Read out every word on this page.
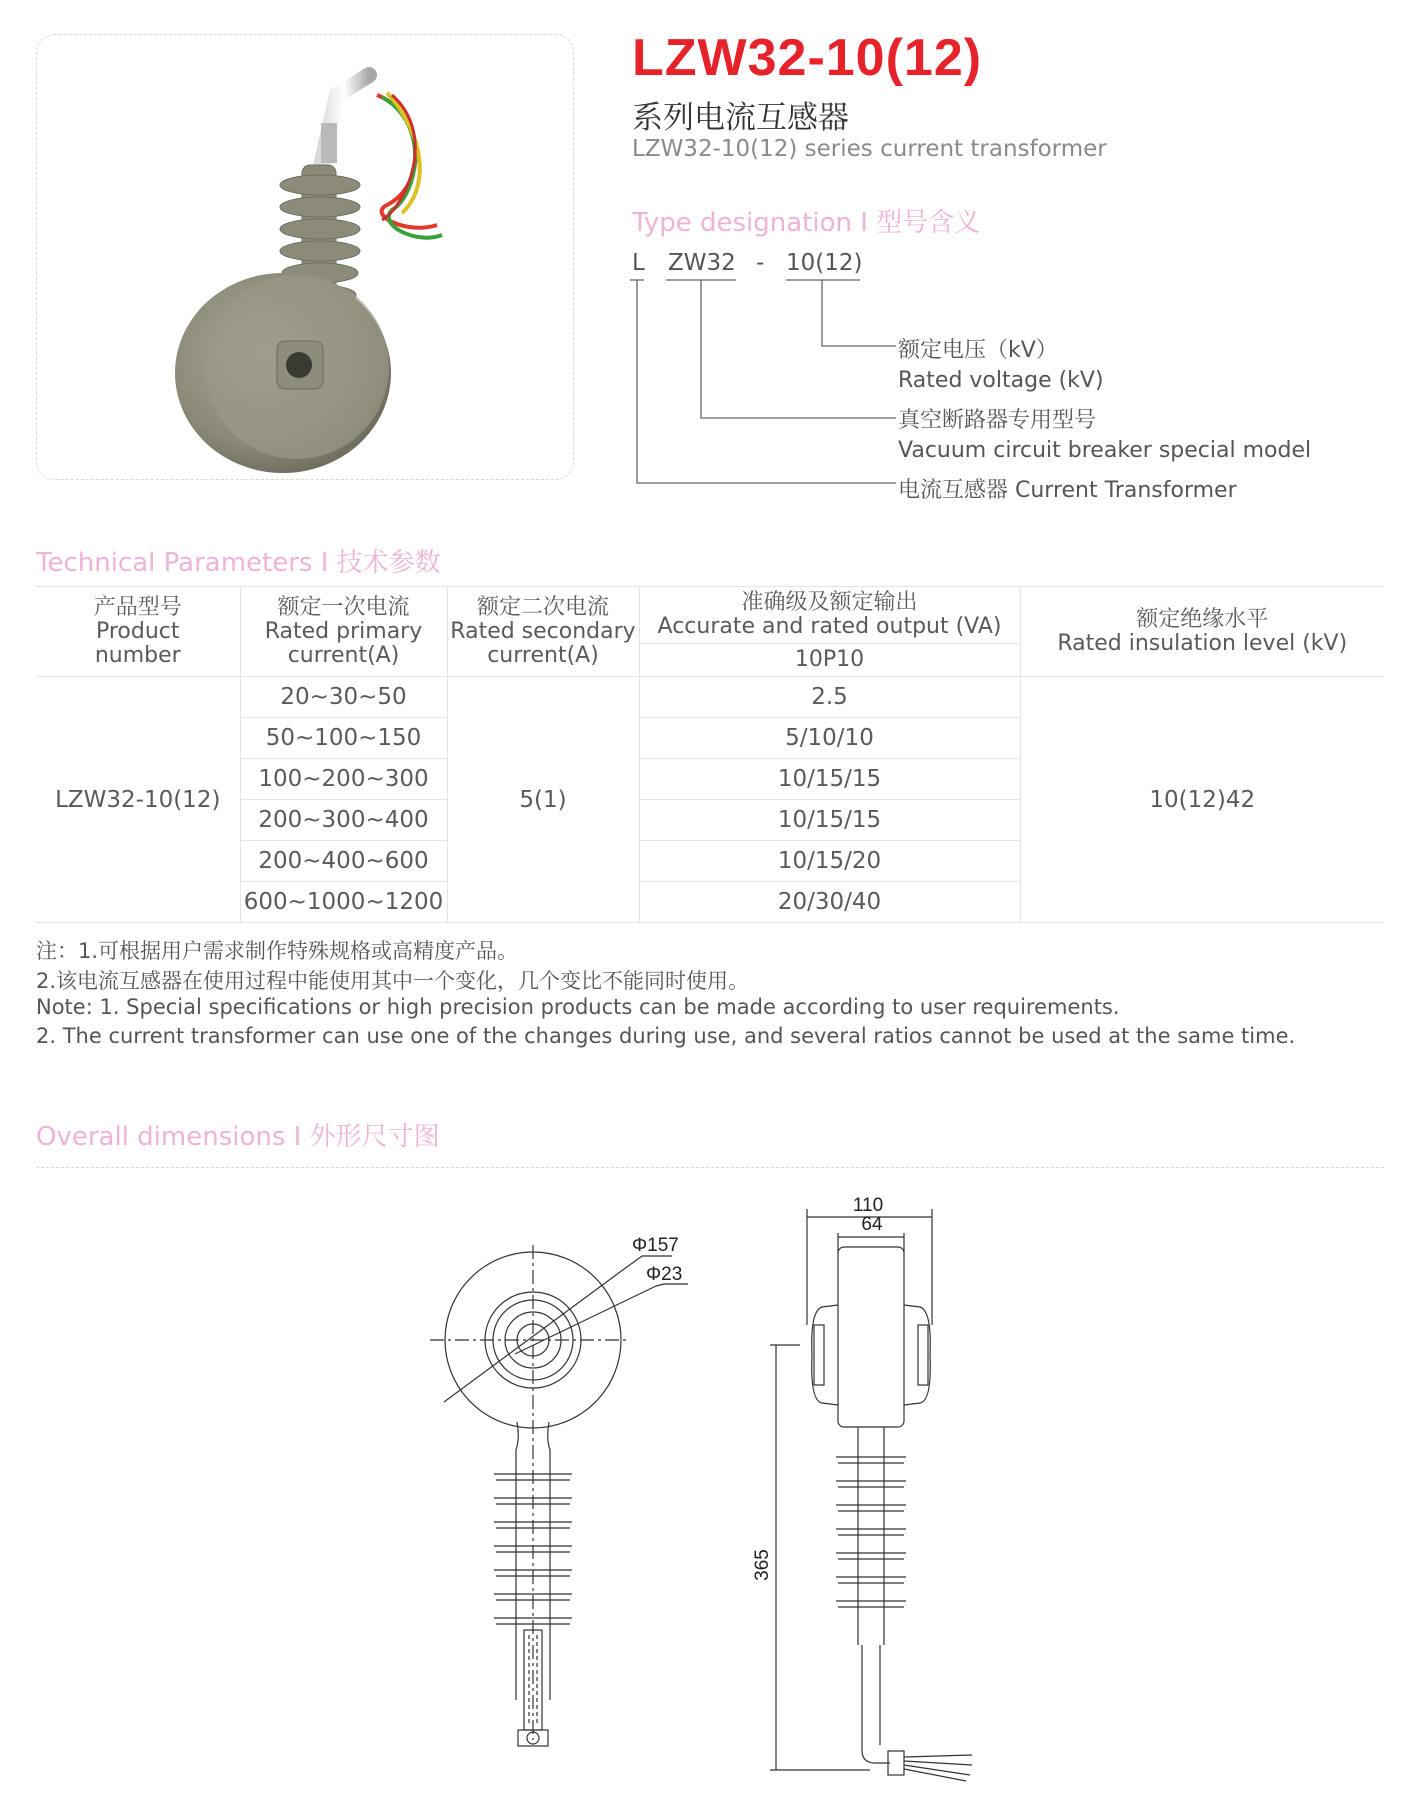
LZW32-10(12)
系列电流互感器
LZW32-10(12) series current transformer
Type designation I 型号含义
L ZW32 - 10(12)
额定电压（kV）
Rated voltage (kV)
真空断路器专用型号
Vacuum circuit breaker special model
电流互感器 Current Transformer
Technical Parameters I 技术参数
产品型号
Product
number	额定一次电流
Rated primary
current(A)	额定二次电流
Rated secondary
current(A)	准确级及额定输出
Accurate and rated output (VA)	额定绝缘水平
Rated insulation level (kV)

			10P10	
LZW32-10(12)	20~30~50	5(1)	2.5	10(12)42
	50~100~150		5/10/10	
	100~200~300		10/15/15	
	200~300~400		10/15/15	
	200~400~600		10/15/20	
	600~1000~1200		20/30/40	
注：1.可根据用户需求制作特殊规格或高精度产品。
2.该电流互感器在使用过程中能使用其中一个变化，几个变比不能同时使用。
Note: 1. Special specifications or high precision products can be made according to user requirements.
2. The current transformer can use one of the changes during use, and several ratios cannot be used at the same time.
Overall dimensions I 外形尺寸图
Φ157
Φ23
110
64
365
